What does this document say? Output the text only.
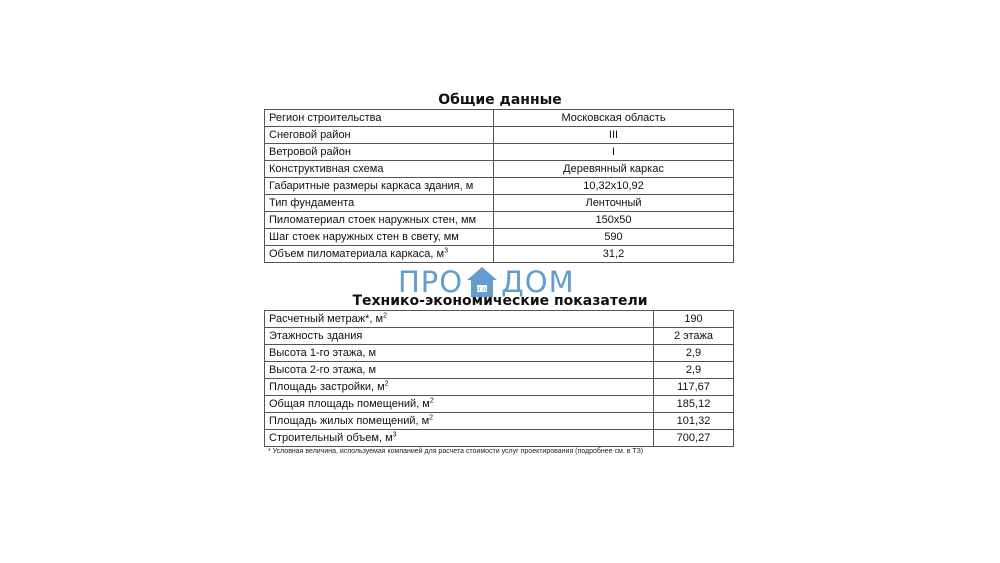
Общие данные
Регион строительства	Московская область
Снеговой район	III
Ветровой район	I
Конструктивная схема	Деревянный каркас
Габаритные размеры каркаса здания, м	10,32x10,92
Тип фундамента	Ленточный
Пиломатериал стоек наружных стен, мм	150x50
Шаг стоек наружных стен в свету, мм	590
Объем пиломатериала каркаса, $м^3$	31,2
ПРО sr.ru ДОМ
Технико-экономические показатели
Расчетный метраж*, $м^2$	190
Этажность здания	2 этажа
Высота 1-го этажа, м	2,9
Высота 2-го этажа, м	2,9
Площадь застройки, $м^2$	117,67
Общая площадь помещений, $м^2$	185,12
Площадь жилых помещений, $м^2$	101,32
Строительный объем, $м^3$	700,27
* Условная величина, используемая компанией для расчета стоимости услуг проектирования (подробнее см. в ТЗ)
